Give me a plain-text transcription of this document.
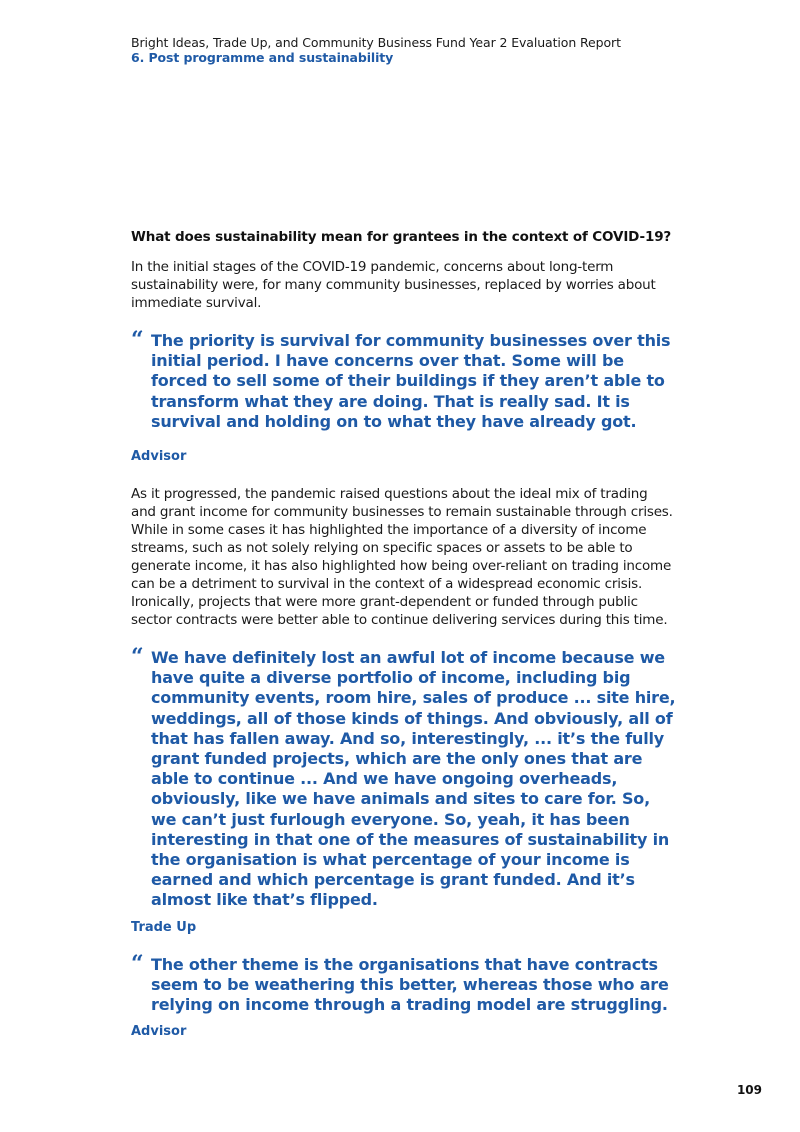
Bright Ideas, Trade Up, and Community Business Fund Year 2 Evaluation Report
6. Post programme and sustainability
What does sustainability mean for grantees in the context of COVID-19?

In the initial stages of the COVID-19 pandemic, concerns about long-term sustainability were, for many community businesses, replaced by worries about immediate survival.

“ The priority is survival for community businesses over this initial period. I have concerns over that. Some will be forced to sell some of their buildings if they aren’t able to transform what they are doing. That is really sad. It is survival and holding on to what they have already got.
Advisor

As it progressed, the pandemic raised questions about the ideal mix of trading and grant income for community businesses to remain sustainable through crises. While in some cases it has highlighted the importance of a diversity of income streams, such as not solely relying on specific spaces or assets to be able to generate income, it has also highlighted how being over-reliant on trading income can be a detriment to survival in the context of a widespread economic crisis. Ironically, projects that were more grant-dependent or funded through public sector contracts were better able to continue delivering services during this time.

“ We have definitely lost an awful lot of income because we have quite a diverse portfolio of income, including big community events, room hire, sales of produce ... site hire, weddings, all of those kinds of things. And obviously, all of that has fallen away. And so, interestingly, ... it’s the fully grant funded projects, which are the only ones that are able to continue ... And we have ongoing overheads, obviously, like we have animals and sites to care for. So, we can’t just furlough everyone. So, yeah, it has been interesting in that one of the measures of sustainability in the organisation is what percentage of your income is earned and which percentage is grant funded. And it’s almost like that’s flipped.
Trade Up
“ The other theme is the organisations that have contracts seem to be weathering this better, whereas those who are relying on income through a trading model are struggling.
Advisor
109
